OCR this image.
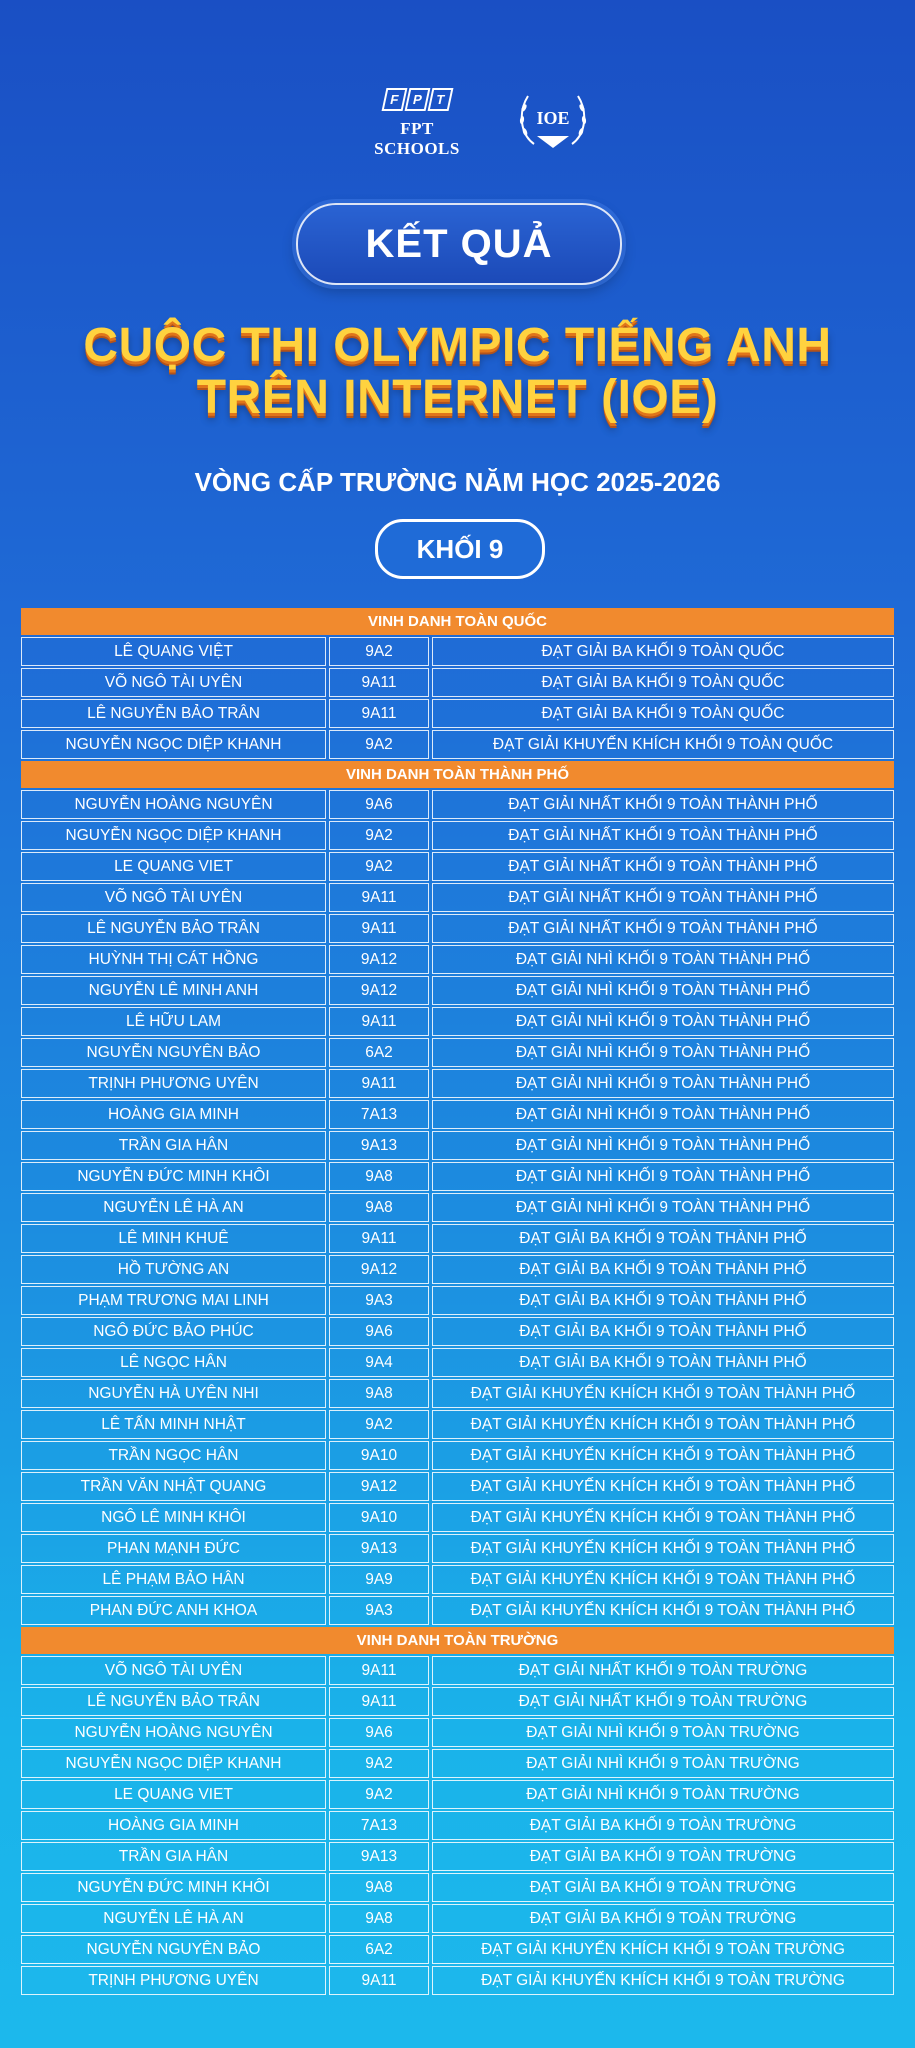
F P T
FPT SCHOOLS
IOE
KẾT QUẢ
CUỘC THI OLYMPIC TIẾNG ANH
TRÊN INTERNET (IOE)
VÒNG CẤP TRƯỜNG NĂM HỌC 2025-2026
KHỐI 9
VINH DANH TOÀN QUỐC
LÊ QUANG VIỆT	9A2	ĐẠT GIẢI BA KHỐI 9 TOÀN QUỐC
VÕ NGÔ TÀI UYÊN	9A11	ĐẠT GIẢI BA KHỐI 9 TOÀN QUỐC
LÊ NGUYỄN BẢO TRÂN	9A11	ĐẠT GIẢI BA KHỐI 9 TOÀN QUỐC
NGUYỄN NGỌC DIỆP KHANH	9A2	ĐẠT GIẢI KHUYẾN KHÍCH KHỐI 9 TOÀN QUỐC
VINH DANH TOÀN THÀNH PHỐ
NGUYỄN HOÀNG NGUYÊN	9A6	ĐẠT GIẢI NHẤT KHỐI 9 TOÀN THÀNH PHỐ
NGUYỄN NGỌC DIỆP KHANH	9A2	ĐẠT GIẢI NHẤT KHỐI 9 TOÀN THÀNH PHỐ
LE QUANG VIET	9A2	ĐẠT GIẢI NHẤT KHỐI 9 TOÀN THÀNH PHỐ
VÕ NGÔ TÀI UYÊN	9A11	ĐẠT GIẢI NHẤT KHỐI 9 TOÀN THÀNH PHỐ
LÊ NGUYỄN BẢO TRÂN	9A11	ĐẠT GIẢI NHẤT KHỐI 9 TOÀN THÀNH PHỐ
HUỲNH THỊ CÁT HỒNG	9A12	ĐẠT GIẢI NHÌ KHỐI 9 TOÀN THÀNH PHỐ
NGUYỄN LÊ MINH ANH	9A12	ĐẠT GIẢI NHÌ KHỐI 9 TOÀN THÀNH PHỐ
LÊ HỮU LAM	9A11	ĐẠT GIẢI NHÌ KHỐI 9 TOÀN THÀNH PHỐ
NGUYỄN NGUYÊN BẢO	6A2	ĐẠT GIẢI NHÌ KHỐI 9 TOÀN THÀNH PHỐ
TRỊNH PHƯƠNG UYÊN	9A11	ĐẠT GIẢI NHÌ KHỐI 9 TOÀN THÀNH PHỐ
HOÀNG GIA MINH	7A13	ĐẠT GIẢI NHÌ KHỐI 9 TOÀN THÀNH PHỐ
TRẦN GIA HÂN	9A13	ĐẠT GIẢI NHÌ KHỐI 9 TOÀN THÀNH PHỐ
NGUYỄN ĐỨC MINH KHÔI	9A8	ĐẠT GIẢI NHÌ KHỐI 9 TOÀN THÀNH PHỐ
NGUYỄN LÊ HÀ AN	9A8	ĐẠT GIẢI NHÌ KHỐI 9 TOÀN THÀNH PHỐ
LÊ MINH KHUÊ	9A11	ĐẠT GIẢI BA KHỐI 9 TOÀN THÀNH PHỐ
HỒ TƯỜNG AN	9A12	ĐẠT GIẢI BA KHỐI 9 TOÀN THÀNH PHỐ
PHẠM TRƯƠNG MAI LINH	9A3	ĐẠT GIẢI BA KHỐI 9 TOÀN THÀNH PHỐ
NGÔ ĐỨC BẢO PHÚC	9A6	ĐẠT GIẢI BA KHỐI 9 TOÀN THÀNH PHỐ
LÊ NGỌC HÂN	9A4	ĐẠT GIẢI BA KHỐI 9 TOÀN THÀNH PHỐ
NGUYỄN HÀ UYÊN NHI	9A8	ĐẠT GIẢI KHUYẾN KHÍCH KHỐI 9 TOÀN THÀNH PHỐ
LÊ TẤN MINH NHẬT	9A2	ĐẠT GIẢI KHUYẾN KHÍCH KHỐI 9 TOÀN THÀNH PHỐ
TRẦN NGỌC HÂN	9A10	ĐẠT GIẢI KHUYẾN KHÍCH KHỐI 9 TOÀN THÀNH PHỐ
TRẦN VĂN NHẬT QUANG	9A12	ĐẠT GIẢI KHUYẾN KHÍCH KHỐI 9 TOÀN THÀNH PHỐ
NGÔ LÊ MINH KHÔI	9A10	ĐẠT GIẢI KHUYẾN KHÍCH KHỐI 9 TOÀN THÀNH PHỐ
PHAN MẠNH ĐỨC	9A13	ĐẠT GIẢI KHUYẾN KHÍCH KHỐI 9 TOÀN THÀNH PHỐ
LÊ PHẠM BẢO HÂN	9A9	ĐẠT GIẢI KHUYẾN KHÍCH KHỐI 9 TOÀN THÀNH PHỐ
PHAN ĐỨC ANH KHOA	9A3	ĐẠT GIẢI KHUYẾN KHÍCH KHỐI 9 TOÀN THÀNH PHỐ
VINH DANH TOÀN TRƯỜNG
VÕ NGÔ TÀI UYÊN	9A11	ĐẠT GIẢI NHẤT KHỐI 9 TOÀN TRƯỜNG
LÊ NGUYỄN BẢO TRÂN	9A11	ĐẠT GIẢI NHẤT KHỐI 9 TOÀN TRƯỜNG
NGUYỄN HOÀNG NGUYÊN	9A6	ĐẠT GIẢI NHÌ KHỐI 9 TOÀN TRƯỜNG
NGUYỄN NGỌC DIỆP KHANH	9A2	ĐẠT GIẢI NHÌ KHỐI 9 TOÀN TRƯỜNG
LE QUANG VIET	9A2	ĐẠT GIẢI NHÌ KHỐI 9 TOÀN TRƯỜNG
HOÀNG GIA MINH	7A13	ĐẠT GIẢI BA KHỐI 9 TOÀN TRƯỜNG
TRẦN GIA HÂN	9A13	ĐẠT GIẢI BA KHỐI 9 TOÀN TRƯỜNG
NGUYỄN ĐỨC MINH KHÔI	9A8	ĐẠT GIẢI BA KHỐI 9 TOÀN TRƯỜNG
NGUYỄN LÊ HÀ AN	9A8	ĐẠT GIẢI BA KHỐI 9 TOÀN TRƯỜNG
NGUYỄN NGUYÊN BẢO	6A2	ĐẠT GIẢI KHUYẾN KHÍCH KHỐI 9 TOÀN TRƯỜNG
TRỊNH PHƯƠNG UYÊN	9A11	ĐẠT GIẢI KHUYẾN KHÍCH KHỐI 9 TOÀN TRƯỜNG
